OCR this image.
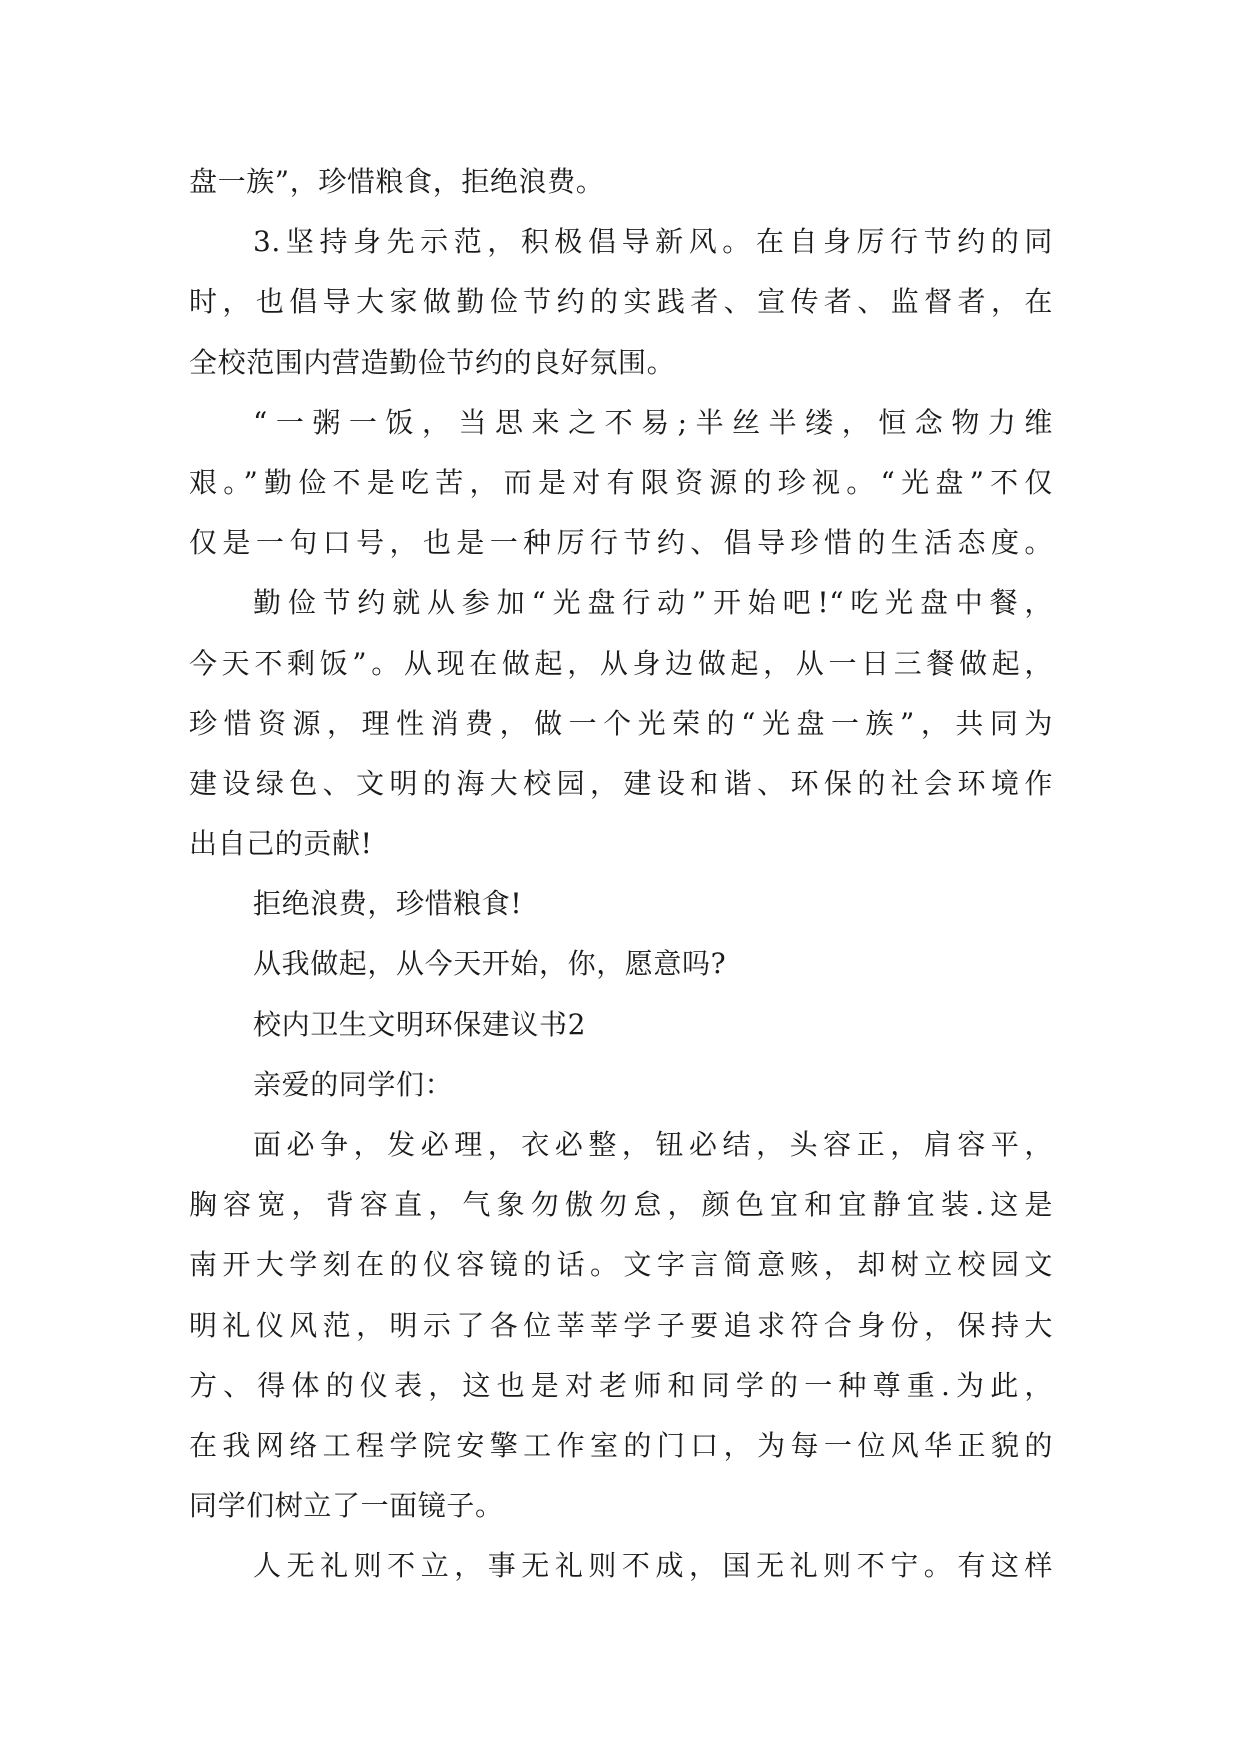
盘一族”，珍惜粮食，拒绝浪费。
3.坚持身先示范，积极倡导新风。在自身厉行节约的同
时，也倡导大家做勤俭节约的实践者、宣传者、监督者，在
全校范围内营造勤俭节约的良好氛围。
“一粥一饭，当思来之不易;半丝半缕，恒念物力维
艰。”勤俭不是吃苦，而是对有限资源的珍视。“光盘”不仅
仅是一句口号，也是一种厉行节约、倡导珍惜的生活态度。
勤俭节约就从参加“光盘行动”开始吧!“吃光盘中餐，
今天不剩饭”。从现在做起，从身边做起，从一日三餐做起，
珍惜资源，理性消费，做一个光荣的“光盘一族”，共同为
建设绿色、文明的海大校园，建设和谐、环保的社会环境作
出自己的贡献!
拒绝浪费，珍惜粮食!
从我做起，从今天开始，你，愿意吗?
校内卫生文明环保建议书2
亲爱的同学们：
面必争，发必理，衣必整，钮必结，头容正，肩容平，
胸容宽，背容直，气象勿傲勿怠，颜色宜和宜静宜装.这是
南开大学刻在的仪容镜的话。文字言简意赅，却树立校园文
明礼仪风范，明示了各位莘莘学子要追求符合身份，保持大
方、得体的仪表，这也是对老师和同学的一种尊重.为此，
在我网络工程学院安擎工作室的门口，为每一位风华正貌的
同学们树立了一面镜子。
人无礼则不立，事无礼则不成，国无礼则不宁。有这样
